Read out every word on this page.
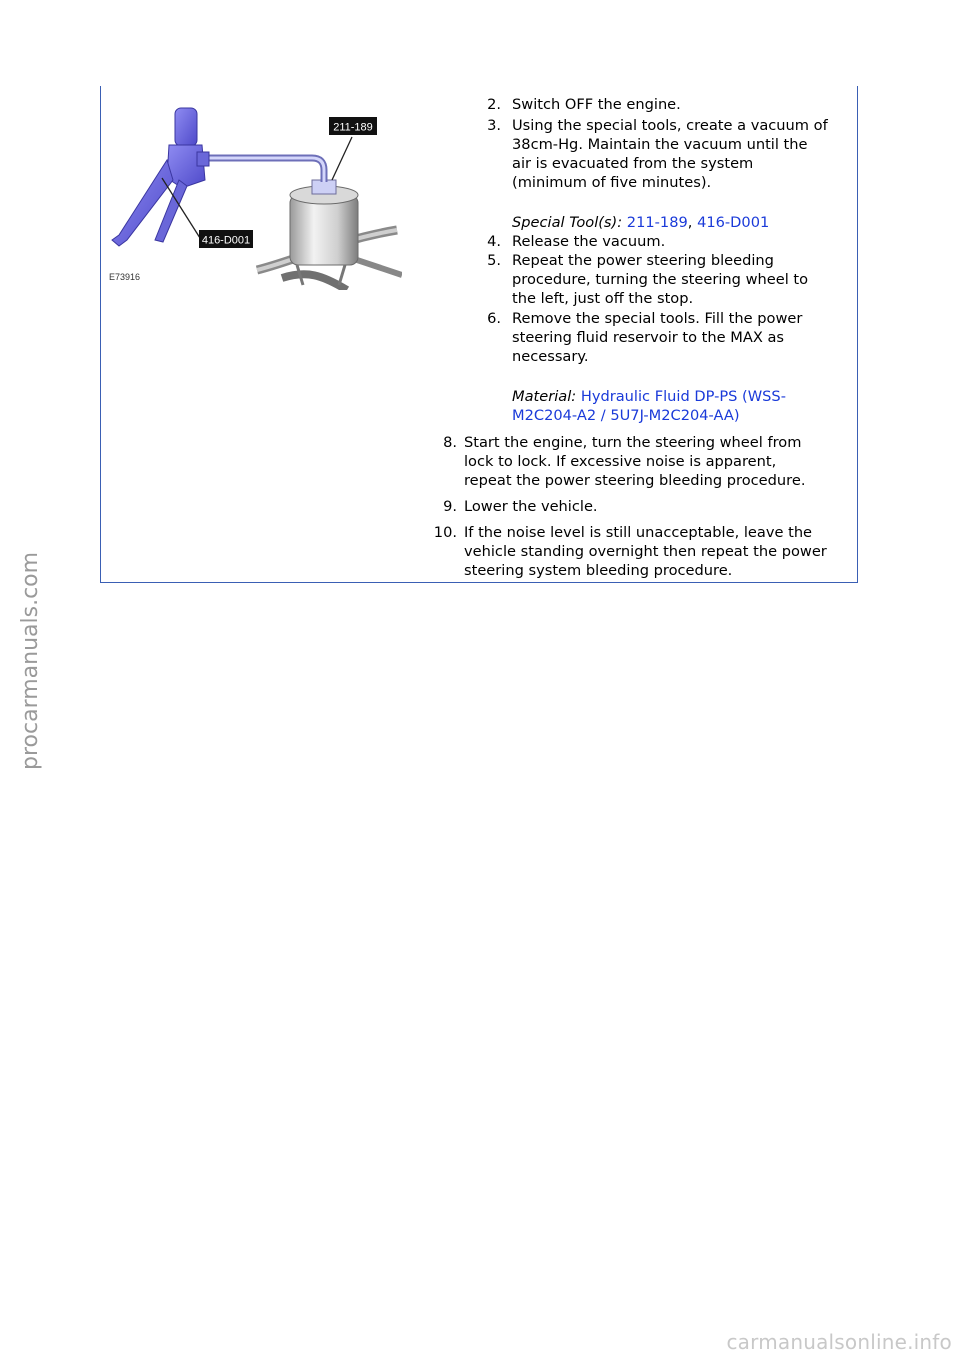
211-189
416-D001
E73916
2. Switch OFF the engine.
3. Using the special tools, create a vacuum of
38cm-Hg. Maintain the vacuum until the
air is evacuated from the system
(minimum of five minutes).
Special Tool(s): 211-189, 416-D001
4. Release the vacuum.
5. Repeat the power steering bleeding
procedure, turning the steering wheel to
the left, just off the stop.
6. Remove the special tools. Fill the power
steering fluid reservoir to the MAX as
necessary.
Material: Hydraulic Fluid DP-PS (WSS-
M2C204-A2 / 5U7J-M2C204-AA)
8. Start the engine, turn the steering wheel from
lock to lock. If excessive noise is apparent,
repeat the power steering bleeding procedure.
9. Lower the vehicle.
10. If the noise level is still unacceptable, leave the
vehicle standing overnight then repeat the power
steering system bleeding procedure.
procarmanuals.com
carmanualsonline.info
